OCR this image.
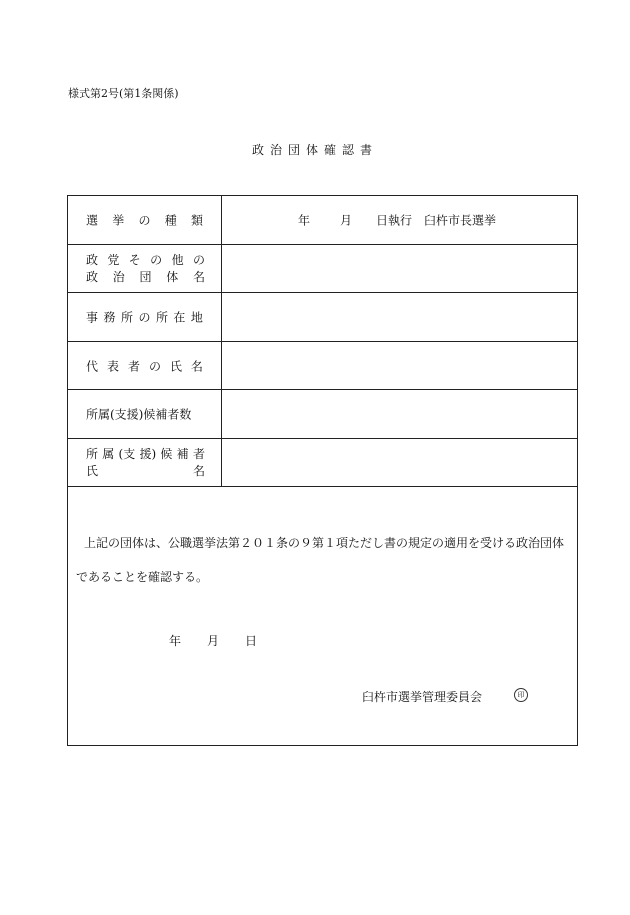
様式第2号(第1条関係)
政治団体確認書
選 挙 の 種 類	年	月 日執行 臼杵市長選挙
政 党 そ の 他 の
政 治 団 体 名
事 務 所 の 所 在 地
代 表 者 の 氏 名
所属(支援)候補者数
所 属 (支 援) 候 補 者
氏	名
上記の団体は、公職選挙法第２０１条の９第１項ただし書の規定の適用を受ける政治団体
であることを確認する。
年 月 日
臼杵市選挙管理委員会	印
